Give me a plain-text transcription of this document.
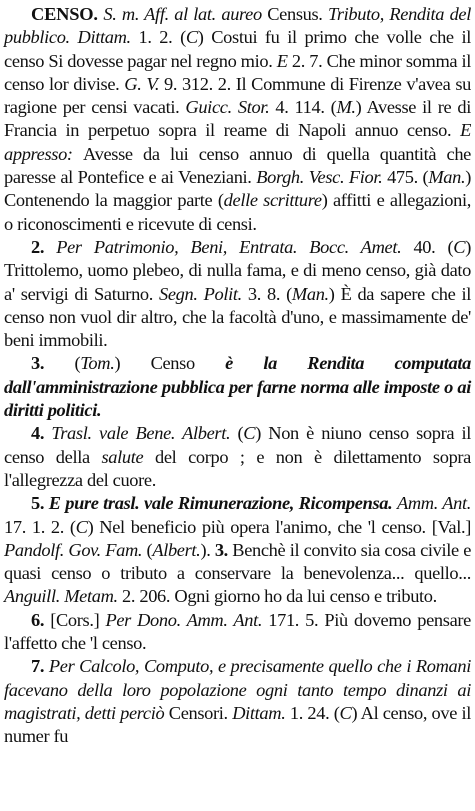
CENSO. S. m. Aff. al lat. aureo Census. Tributo, Rendita del pubblico. Dittam. 1. 2. (C) Costui fu il primo che volle che il censo Si dovesse pagar nel regno mio. E 2. 7. Che minor somma il censo lor divise. G. V. 9. 312. 2. Il Commune di Firenze v'avea su ragione per censi vacati. Guicc. Stor. 4. 114. (M.) Avesse il re di Francia in perpetuo sopra il reame di Napoli annuo censo. E appresso: Avesse da lui censo annuo di quella quantità che paresse al Pontefice e ai Veneziani. Borgh. Vesc. Fior. 475. (Man.) Contenendo la maggior parte (delle scritture) affitti e allegazioni, o riconoscimenti e ricevute di censi.

2. Per Patrimonio, Beni, Entrata. Bocc. Amet. 40. (C) Trittolemo, uomo plebeo, di nulla fama, e di meno censo, già dato a' servigi di Saturno. Segn. Polit. 3. 8. (Man.) È da sapere che il censo non vuol dir altro, che la facoltà d'uno, e massimamente de' beni immobili.

3. (Tom.) Censo è la Rendita computata dall'amministrazione pubblica per farne norma alle imposte o ai diritti politici.

4. Trasl. vale Bene. Albert. (C) Non è niuno censo sopra il censo della salute del corpo ; e non è dilettamento sopra l'allegrezza del cuore.

5. E pure trasl. vale Rimunerazione, Ricompensa. Amm. Ant. 17. 1. 2. (C) Nel beneficio più opera l'animo, che 'l censo. [Val.] Pandolf. Gov. Fam. (Albert.). 3. Benchè il convito sia cosa civile e quasi censo o tributo a conservare la benevolenza... quello... Anguill. Metam. 2. 206. Ogni giorno ho da lui censo e tributo.

6. [Cors.] Per Dono. Amm. Ant. 171. 5. Più dovemo pensare l'affetto che 'l censo.

7. Per Calcolo, Computo, e precisamente quello che i Romani facevano della loro popolazione ogni tanto tempo dinanzi ai magistrati, detti perciò Censori. Dittam. 1. 24. (C) Al censo, ove il numer fu
